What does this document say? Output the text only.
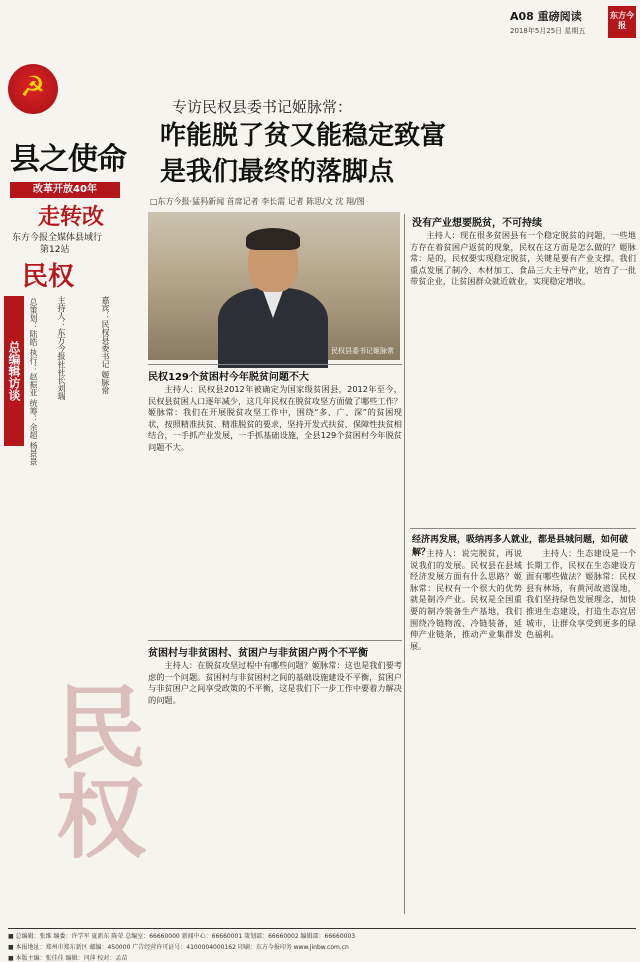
A08 重磅阅读
2018年5月25日 星期五
东方今报
☭
县之使命
改革开放40年
走转改
东方今报全媒体县域行
第12站
民权
总编辑访谈	总策划：陆皓 执行：赵振亚 统筹：余超 杨景景 主持人：东方今报社社长刘瑞	嘉宾：民权县委书记 姬脉常
民权
专访民权县委书记姬脉常：
咋能脱了贫又能稳定致富是我们最终的落脚点
□东方今报·猛犸新闻 首席记者 李长需 记者 陈思/文 沈 翔/图
民权县委书记姬脉常
民权129个贫困村今年脱贫问题不大

主持人：民权县2012年被确定为国家级贫困县，2012年至今，民权县贫困人口逐年减少，这几年民权在脱贫攻坚方面做了哪些工作？姬脉常：我们在开展脱贫攻坚工作中，围绕“多、广、深”的贫困现状，按照精准扶贫、精准脱贫的要求，坚持开发式扶贫、保障性扶贫相结合，一手抓产业发展，一手抓基础设施，全县129个贫困村今年脱贫问题不大。

贫困村与非贫困村、贫困户与非贫困户两个不平衡

主持人：在脱贫攻坚过程中有哪些问题？姬脉常：这也是我们要考虑的一个问题。贫困村与非贫困村之间的基础设施建设不平衡，贫困户与非贫困户之间享受政策的不平衡，这是我们下一步工作中要着力解决的问题。

没有产业想要脱贫，不可持续

主持人：现在很多贫困县有一个稳定脱贫的问题，一些地方存在着贫困户返贫的现象，民权在这方面是怎么做的？姬脉常：是的，民权要实现稳定脱贫，关键是要有产业支撑。我们重点发展了制冷、木材加工、食品三大主导产业，培育了一批带贫企业，让贫困群众就近就业，实现稳定增收。

经济再发展，吸纳再多人就业，都是县城问题，如何破解？

主持人：说完脱贫，再说说我们的发展。民权县在县域经济发展方面有什么思路？姬脉常：民权有一个很大的优势就是制冷产业。民权是全国重要的制冷装备生产基地，我们围绕冷链物流、冷链装备，延伸产业链条，推动产业集群发展。

主持人：生态建设是一个长期工作，民权在生态建设方面有哪些做法？姬脉常：民权县有林场，有黄河故道湿地，我们坚持绿色发展理念，加快推进生态建设，打造生态宜居城市，让群众享受到更多的绿色福利。

■ 总编辑：张维 编委：许学军 夏新东 陈荣 总编室：66660000 新闻中心：66660001 策划部：66660002 编辑部：66660003
■ 本报地址：郑州市郑东新区 邮编：450000 广告经营许可证号：4100004000162 印刷：东方今报印务 www.jinbw.com.cn
■ 本版主编：张佳佳 编辑：闫萍 校对：孟苗
